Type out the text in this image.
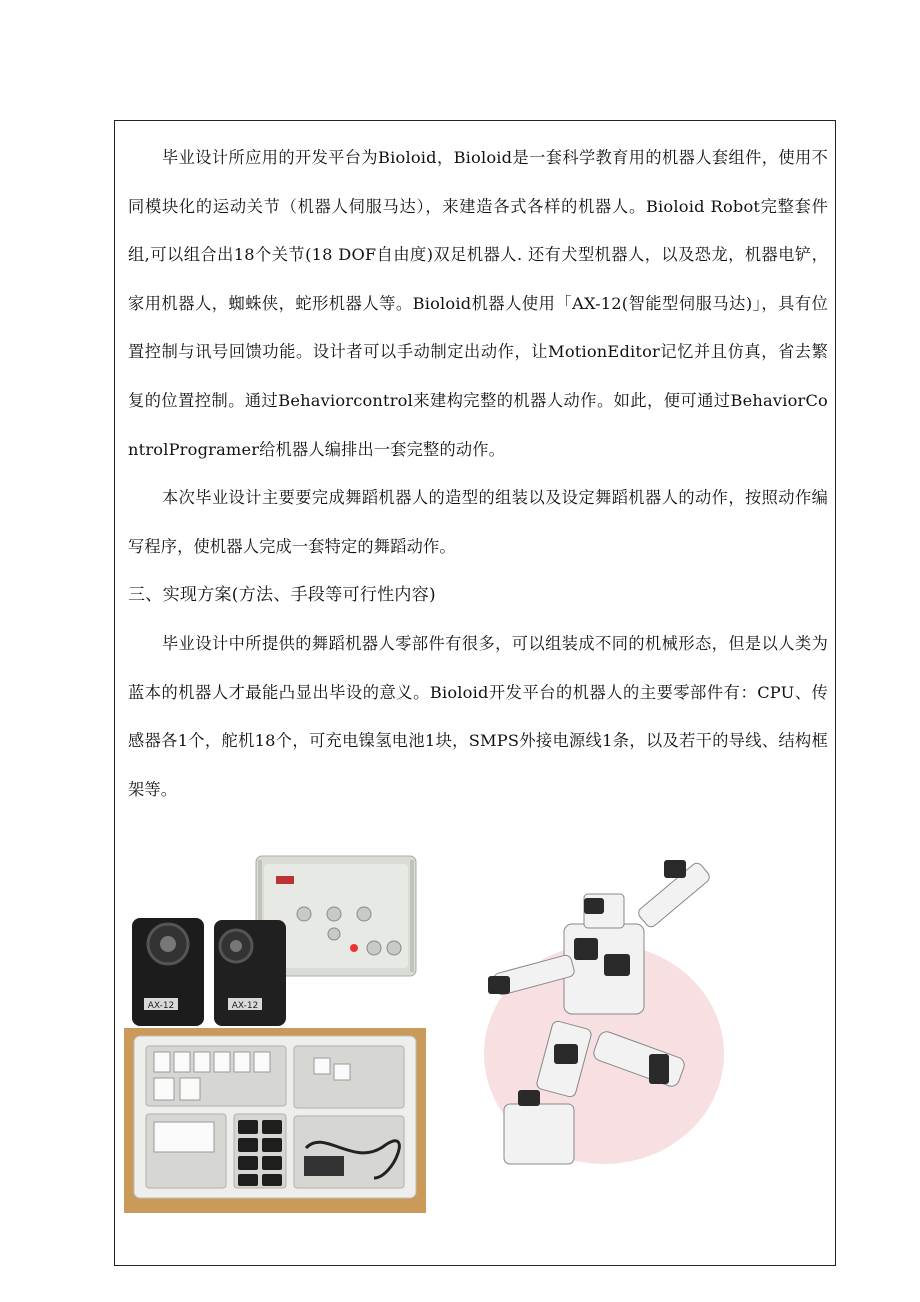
毕业设计所应用的开发平台为Bioloid，Bioloid是一套科学教育用的机器人套组件，使用不同模块化的运动关节（机器人伺服马达），来建造各式各样的机器人。Bioloid Robot完整套件组,可以组合出18个关节(18 DOF自由度)双足机器人. 还有犬型机器人，以及恐龙，机器电铲，家用机器人，蜘蛛侠，蛇形机器人等。Bioloid机器人使用「AX-12(智能型伺服马达)」，具有位置控制与讯号回馈功能。设计者可以手动制定出动作，让MotionEditor记忆并且仿真，省去繁复的位置控制。通过Behaviorcontrol来建构完整的机器人动作。如此，便可通过BehaviorControlProgramer给机器人编排出一套完整的动作。

本次毕业设计主要要完成舞蹈机器人的造型的组装以及设定舞蹈机器人的动作，按照动作编写程序，使机器人完成一套特定的舞蹈动作。

三、实现方案(方法、手段等可行性内容)

毕业设计中所提供的舞蹈机器人零部件有很多，可以组装成不同的机械形态，但是以人类为蓝本的机器人才最能凸显出毕设的意义。Bioloid开发平台的机器人的主要零部件有：CPU、传感器各1个，舵机18个，可充电镍氢电池1块，SMPS外接电源线1条，以及若干的导线、结构框架等。

AX-12	AX-12
